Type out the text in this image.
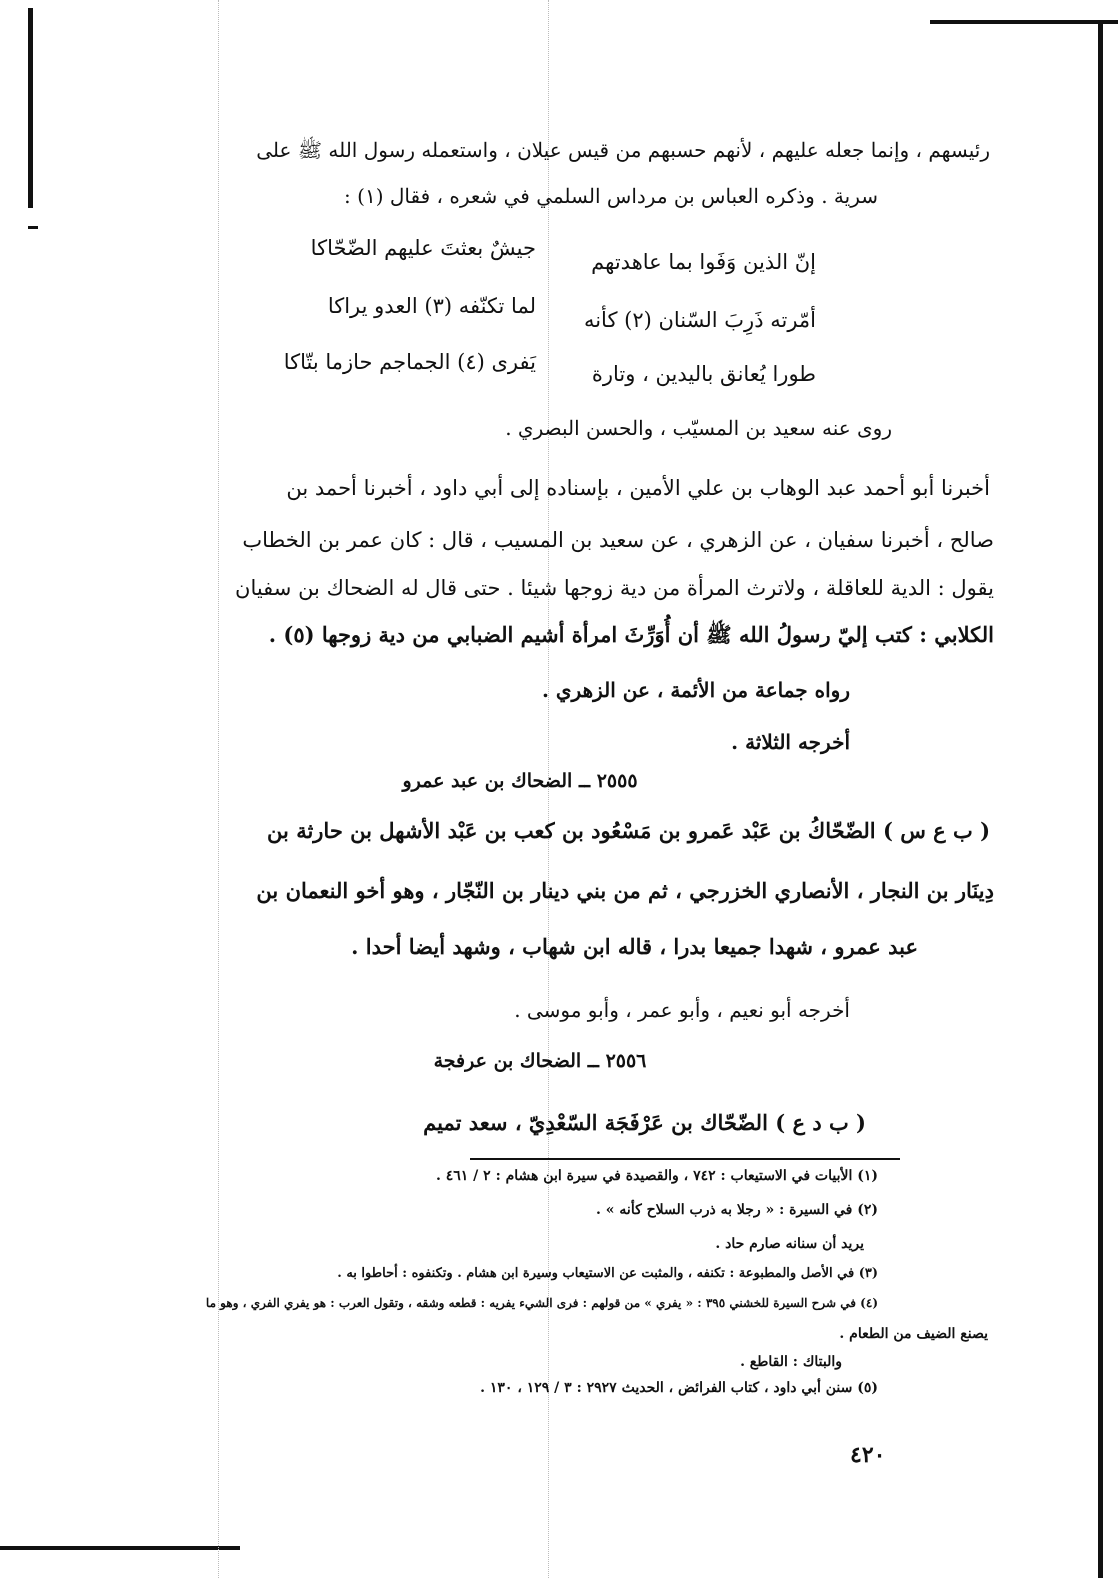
رئيسهم ، وإنما جعله عليهم ، لأنهم حسبهم من قيس عيلان ، واستعمله رسول الله ﷺ على
سرية . وذكره العباس بن مرداس السلمي في شعره ، فقال (١) :
إنّ الذين وَفَوا بما عاهدتهم
جيشٌ بعثتَ عليهم الضّحّاكا
أمّرته ذَرِبَ السّنان (٢) كأنه
لما تكنّفه (٣) العدو يراكا
طورا يُعانق باليدين ، وتارة
يَفرى (٤) الجماجم حازما بتّاكا
روى عنه سعيد بن المسيّب ، والحسن البصري .
أخبرنا أبو أحمد عبد الوهاب بن علي الأمين ، بإسناده إلى أبي داود ، أخبرنا أحمد بن
صالح ، أخبرنا سفيان ، عن الزهري ، عن سعيد بن المسيب ، قال : كان عمر بن الخطاب
يقول : الدية للعاقلة ، ولاترث المرأة من دية زوجها شيئا . حتى قال له الضحاك بن سفيان
الكلابي : كتب إليّ رسولُ الله ﷺ أن أُوَرِّثَ امرأة أشيم الضبابي من دية زوجها (٥) .
رواه جماعة من الأئمة ، عن الزهري .
أخرجه الثلاثة .
٢٥٥٥ ــ الضحاك بن عبد عمرو
( ب ع س ) الضّحّاكُ بن عَبْد عَمرو بن مَسْعُود بن كعب بن عَبْد الأشهل بن حارثة بن
دِينَار بن النجار ، الأنصاري الخزرجي ، ثم من بني دينار بن النّجّار ، وهو أخو النعمان بن
عبد عمرو ، شهدا جميعا بدرا ، قاله ابن شهاب ، وشهد أيضا أحدا .
أخرجه أبو نعيم ، وأبو عمر ، وأبو موسى .
٢٥٥٦ ــ الضحاك بن عرفجة
( ب د ع ) الضّحّاك بن عَرْفَجَة السّعْدِيّ ، سعد تميم
(١) الأبيات في الاستيعاب : ٧٤٢ ، والقصيدة في سيرة ابن هشام : ٢ / ٤٦١ .
(٢) في السيرة : « رجلا به ذرب السلاح كأنه » .
يريد أن سنانه صارم حاد .
(٣) في الأصل والمطبوعة : تكنفه ، والمثبت عن الاستيعاب وسيرة ابن هشام . وتكنفوه : أحاطوا به .
(٤) في شرح السيرة للخشني ٣٩٥ : « يفري » من قولهم : فرى الشيء يفريه : قطعه وشقه ، وتقول العرب : هو يفري الفري ، وهو ما
يصنع الضيف من الطعام .
والبتاك : القاطع .
(٥) سنن أبي داود ، كتاب الفرائض ، الحديث ٢٩٢٧ : ٣ / ١٢٩ ، ١٣٠ .
٤٢٠
